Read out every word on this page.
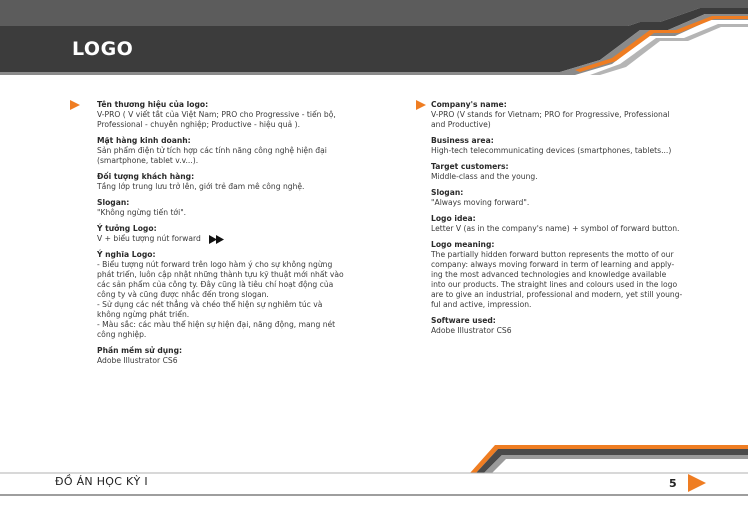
LOGO
Tên thương hiệu của logo:
V-PRO ( V viết tắt của Việt Nam; PRO cho Progressive - tiến bộ,
Professional - chuyên nghiệp; Productive - hiệu quả ).
Mặt hàng kinh doanh:
Sản phẩm điện tử tích hợp các tính năng công nghệ hiện đại
(smartphone, tablet v.v...).
Đối tượng khách hàng:
Tầng lớp trung lưu trở lên, giới trẻ đam mê công nghệ.
Slogan:
"Không ngừng tiến tới".
Ý tưởng Logo:
V + biểu tượng nút forward
Ý nghĩa Logo:
- Biểu tượng nút forward trên logo hàm ý cho sự không ngừng
phát triển, luôn cập nhật những thành tựu kỹ thuật mới nhất vào
các sản phẩm của công ty. Đây cũng là tiêu chí hoạt động của
công ty và cũng được nhắc đến trong slogan.
- Sử dụng các nét thẳng và chéo thể hiện sự nghiêm túc và
không ngừng phát triển.
- Màu sắc: các màu thể hiện sự hiện đại, năng động, mang nét
công nghiệp.
Phần mềm sử dụng:
Adobe Illustrator CS6
Company's name:
V-PRO (V stands for Vietnam; PRO for Progressive, Professional
and Productive)
Business area:
High-tech telecommunicating devices (smartphones, tablets...)
Target customers:
Middle-class and the young.
Slogan:
"Always moving forward".
Logo idea:
Letter V (as in the company's name) + symbol of forward button.
Logo meaning:
The partially hidden forward button represents the motto of our
company: always moving forward in term of learning and apply-
ing the most advanced technologies and knowledge available
into our products. The straight lines and colours used in the logo
are to give an industrial, professional and modern, yet still young-
ful and active, impression.
Software used:
Adobe Illustrator CS6
ĐỒ ÁN HỌC KỲ I	5
